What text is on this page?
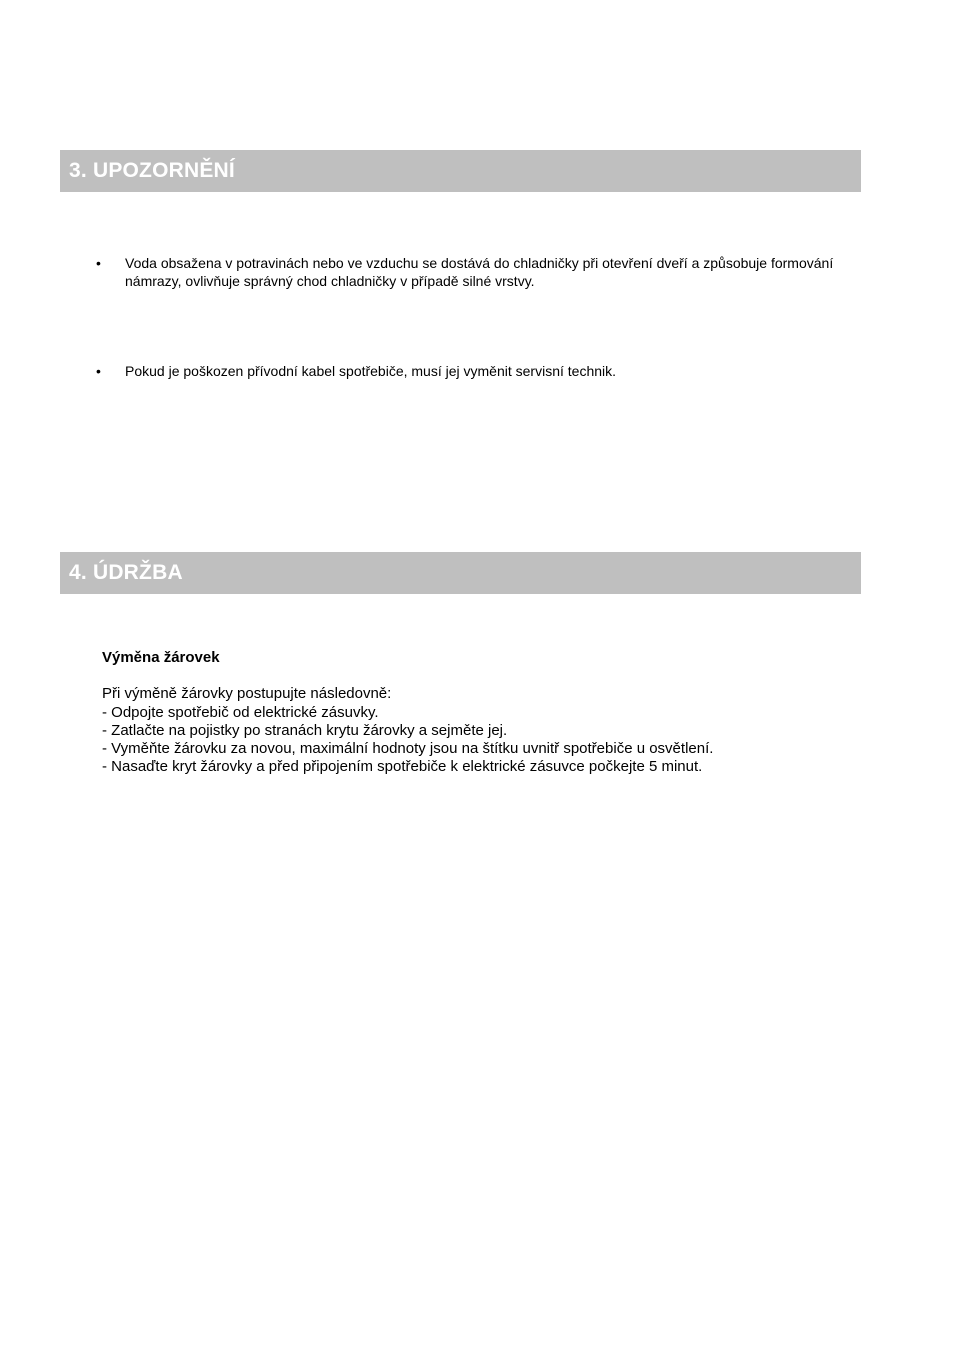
3. UPOZORNĚNÍ
•	Voda obsažena v potravinách nebo ve vzduchu se dostává do chladničky při otevření dveří a způsobuje formování námrazy, ovlivňuje správný chod chladničky v případě silné vrstvy.
•	Pokud je poškozen přívodní kabel spotřebiče, musí jej vyměnit servisní technik.
4. ÚDRŽBA
Výměna žárovek
Při výměně žárovky postupujte následovně:
- Odpojte spotřebič od elektrické zásuvky.
- Zatlačte na pojistky po stranách krytu žárovky a sejměte jej.
- Vyměňte žárovku za novou, maximální hodnoty jsou na štítku uvnitř spotřebiče u osvětlení.
- Nasaďte kryt žárovky a před připojením spotřebiče k elektrické zásuvce počkejte 5 minut.
